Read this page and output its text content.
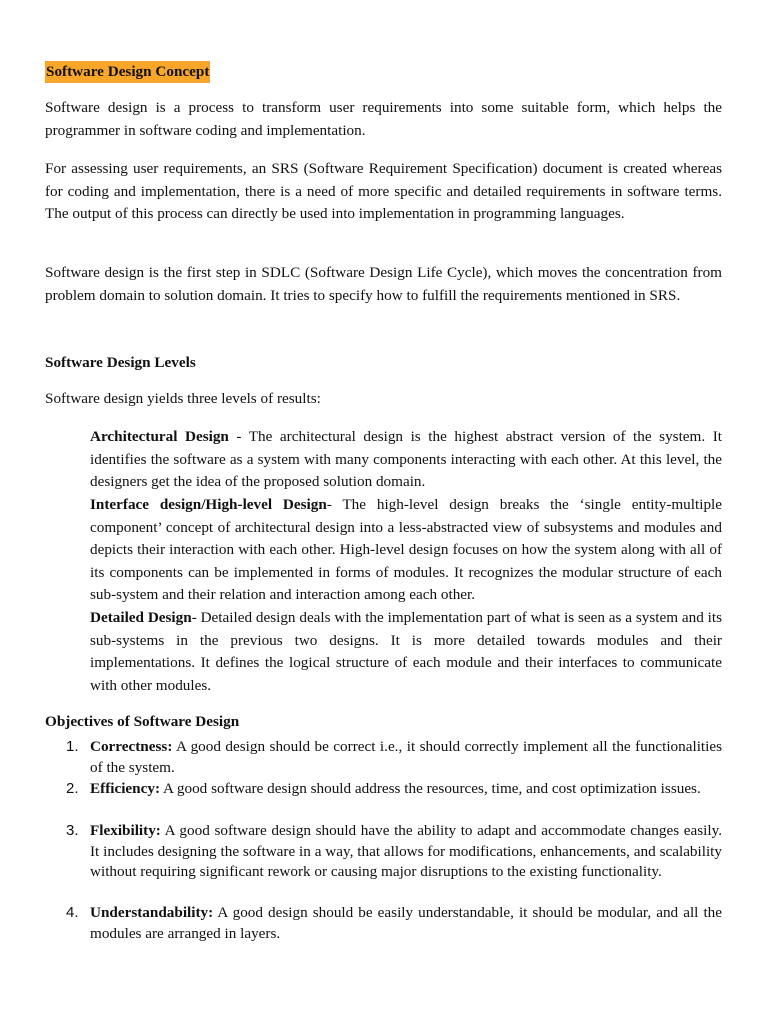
Software Design Concept

Software design is a process to transform user requirements into some suitable form, which helps the programmer in software coding and implementation.

For assessing user requirements, an SRS (Software Requirement Specification) document is created whereas for coding and implementation, there is a need of more specific and detailed requirements in software terms. The output of this process can directly be used into implementation in programming languages.

Software design is the first step in SDLC (Software Design Life Cycle), which moves the concentration from problem domain to solution domain. It tries to specify how to fulfill the requirements mentioned in SRS.

Software Design Levels

Software design yields three levels of results:

Architectural Design - The architectural design is the highest abstract version of the system. It identifies the software as a system with many components interacting with each other. At this level, the designers get the idea of the proposed solution domain.

Interface design/High-level Design- The high-level design breaks the ‘single entity-multiple component’ concept of architectural design into a less-abstracted view of subsystems and modules and depicts their interaction with each other. High-level design focuses on how the system along with all of its components can be implemented in forms of modules. It recognizes the modular structure of each sub-system and their relation and interaction among each other.

Detailed Design- Detailed design deals with the implementation part of what is seen as a system and its sub-systems in the previous two designs. It is more detailed towards modules and their implementations. It defines the logical structure of each module and their interfaces to communicate with other modules.

Objectives of Software Design

1. Correctness: A good design should be correct i.e., it should correctly implement all the functionalities of the system.

2. Efficiency: A good software design should address the resources, time, and cost optimization issues.

3. Flexibility: A good software design should have the ability to adapt and accommodate changes easily. It includes designing the software in a way, that allows for modifications, enhancements, and scalability without requiring significant rework or causing major disruptions to the existing functionality.

4. Understandability: A good design should be easily understandable, it should be modular, and all the modules are arranged in layers.
